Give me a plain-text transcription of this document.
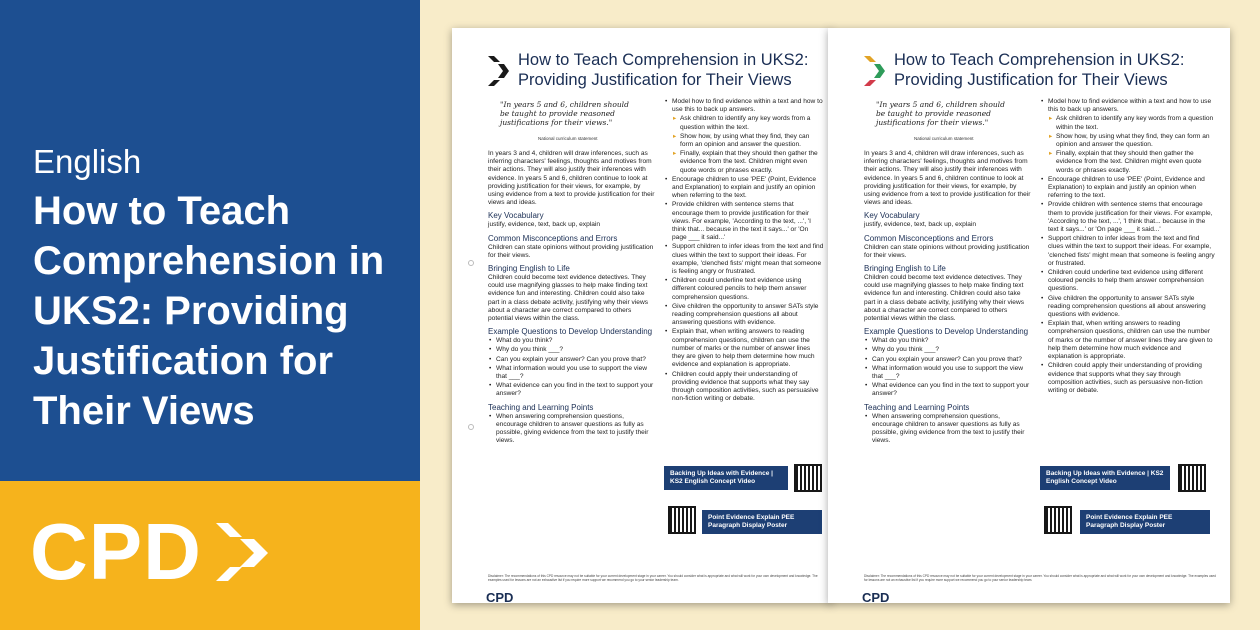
English
How to Teach Comprehension in UKS2: Providing Justification for Their Views
CPD
How to Teach Comprehension in UKS2:
Providing Justification for Their Views
"In years 5 and 6, children should be taught to provide reasoned justifications for their views."
National curriculum statement

In years 3 and 4, children will draw inferences, such as inferring characters' feelings, thoughts and motives from their actions. They will also justify their inferences with evidence. In years 5 and 6, children continue to look at providing justification for their views, for example, by using evidence from a text to provide justification for their views and ideas.

Key Vocabulary

justify, evidence, text, back up, explain

Common Misconceptions and Errors

Children can state opinions without providing justification for their views.

Bringing English to Life

Children could become text evidence detectives. They could use magnifying glasses to help make finding text evidence fun and interesting. Children could also take part in a class debate activity, justifying why their views about a character are correct compared to others potential views within the class.

Example Questions to Develop Understanding
• What do you think?
• Why do you think ___?
• Can you explain your answer? Can you prove that?
• What information would you use to support the view that ___?
• What evidence can you find in the text to support your answer?
Teaching and Learning Points
• When answering comprehension questions, encourage children to answer questions as fully as possible, giving evidence from the text to justify their views.
• Model how to find evidence within a text and how to use this to back up answers.
▸ Ask children to identify any key words from a question within the text.
▸ Show how, by using what they find, they can form an opinion and answer the question.
▸ Finally, explain that they should then gather the evidence from the text. Children might even quote words or phrases exactly.
• Encourage children to use 'PEE' (Point, Evidence and Explanation) to explain and justify an opinion when referring to the text.
• Provide children with sentence stems that encourage them to provide justification for their views. For example, 'According to the text, ...', 'I think that... because in the text it says...' or 'On page ___ it said...'
• Support children to infer ideas from the text and find clues within the text to support their ideas. For example, 'clenched fists' might mean that someone is feeling angry or frustrated.
• Children could underline text evidence using different coloured pencils to help them answer comprehension questions.
• Give children the opportunity to answer SATs style reading comprehension questions all about answering questions with evidence.
• Explain that, when writing answers to reading comprehension questions, children can use the number of marks or the number of answer lines they are given to help them determine how much evidence and explanation is appropriate.
• Children could apply their understanding of providing evidence that supports what they say through composition activities, such as persuasive non-fiction writing or debate.
Backing Up Ideas with Evidence | KS2 English Concept Video
Point Evidence Explain PEE Paragraph Display Poster
Disclaimer: The recommendations of this CPD resource may not be suitable for your current development stage in your career. You should consider what is appropriate and what will work for your own development and knowledge. The examples used for lessons are not an exhaustive list if you require more support we recommend you go to your senior leadership team.
CPD
How to Teach Comprehension in UKS2:
Providing Justification for Their Views
"In years 5 and 6, children should be taught to provide reasoned justifications for their views."
National curriculum statement

In years 3 and 4, children will draw inferences, such as inferring characters' feelings, thoughts and motives from their actions. They will also justify their inferences with evidence. In years 5 and 6, children continue to look at providing justification for their views, for example, by using evidence from a text to provide justification for their views and ideas.

Key Vocabulary

justify, evidence, text, back up, explain

Common Misconceptions and Errors

Children can state opinions without providing justification for their views.

Bringing English to Life

Children could become text evidence detectives. They could use magnifying glasses to help make finding text evidence fun and interesting. Children could also take part in a class debate activity, justifying why their views about a character are correct compared to others potential views within the class.

Example Questions to Develop Understanding
• What do you think?
• Why do you think ___?
• Can you explain your answer? Can you prove that?
• What information would you use to support the view that ___?
• What evidence can you find in the text to support your answer?
Teaching and Learning Points
• When answering comprehension questions, encourage children to answer questions as fully as possible, giving evidence from the text to justify their views.
• Model how to find evidence within a text and how to use this to back up answers.
▸ Ask children to identify any key words from a question within the text.
▸ Show how, by using what they find, they can form an opinion and answer the question.
▸ Finally, explain that they should then gather the evidence from the text. Children might even quote words or phrases exactly.
• Encourage children to use 'PEE' (Point, Evidence and Explanation) to explain and justify an opinion when referring to the text.
• Provide children with sentence stems that encourage them to provide justification for their views. For example, 'According to the text, ...', 'I think that... because in the text it says...' or 'On page ___ it said...'
• Support children to infer ideas from the text and find clues within the text to support their ideas. For example, 'clenched fists' might mean that someone is feeling angry or frustrated.
• Children could underline text evidence using different coloured pencils to help them answer comprehension questions.
• Give children the opportunity to answer SATs style reading comprehension questions all about answering questions with evidence.
• Explain that, when writing answers to reading comprehension questions, children can use the number of marks or the number of answer lines they are given to help them determine how much evidence and explanation is appropriate.
• Children could apply their understanding of providing evidence that supports what they say through composition activities, such as persuasive non-fiction writing or debate.
Backing Up Ideas with Evidence | KS2 English Concept Video
Point Evidence Explain PEE Paragraph Display Poster
Disclaimer: The recommendations of this CPD resource may not be suitable for your current development stage in your career. You should consider what is appropriate and what will work for your own development and knowledge. The examples used for lessons are not an exhaustive list if you require more support we recommend you go to your senior leadership team.
CPD
